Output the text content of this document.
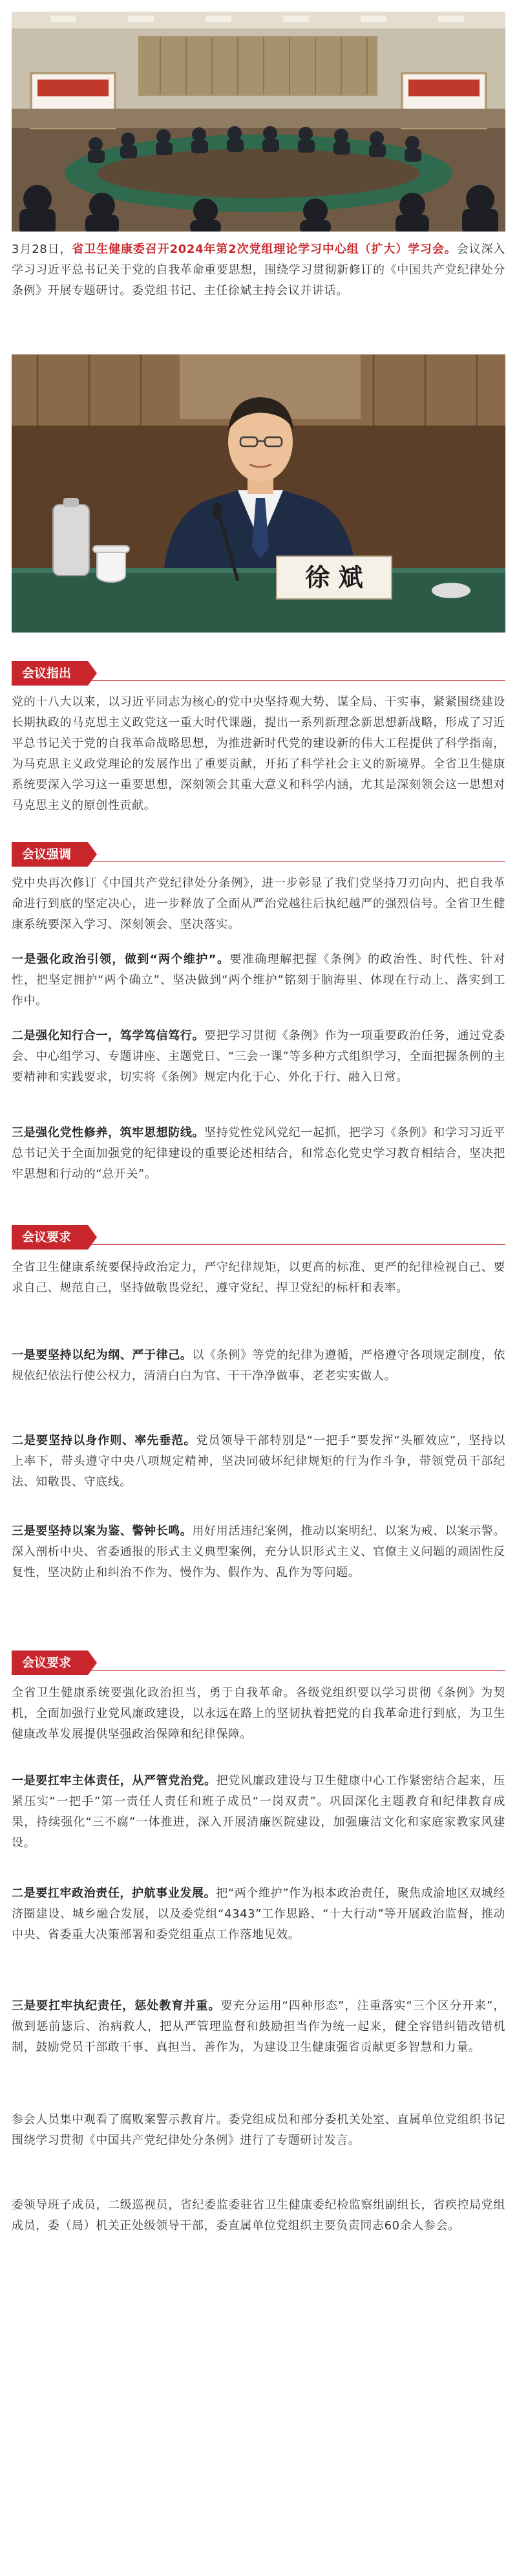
3月28日，省卫生健康委召开2024年第2次党组理论学习中心组（扩大）学习会。会议深入学习习近平总书记关于党的自我革命重要思想，围绕学习贯彻新修订的《中国共产党纪律处分条例》开展专题研讨。委党组书记、主任徐斌主持会议并讲话。

徐 斌
会议指出

党的十八大以来，以习近平同志为核心的党中央坚持观大势、谋全局、干实事，紧紧围绕建设长期执政的马克思主义政党这一重大时代课题，提出一系列新理念新思想新战略，形成了习近平总书记关于党的自我革命战略思想，为推进新时代党的建设新的伟大工程提供了科学指南，为马克思主义政党理论的发展作出了重要贡献，开拓了科学社会主义的新境界。全省卫生健康系统要深入学习这一重要思想，深刻领会其重大意义和科学内涵，尤其是深刻领会这一思想对马克思主义的原创性贡献。

会议强调

党中央再次修订《中国共产党纪律处分条例》，进一步彰显了我们党坚持刀刃向内、把自我革命进行到底的坚定决心，进一步释放了全面从严治党越往后执纪越严的强烈信号。全省卫生健康系统要深入学习、深刻领会、坚决落实。

一是强化政治引领，做到“两个维护”。要准确理解把握《条例》的政治性、时代性、针对性，把坚定拥护“两个确立”、坚决做到“两个维护”铭刻于脑海里、体现在行动上、落实到工作中。

二是强化知行合一，笃学笃信笃行。要把学习贯彻《条例》作为一项重要政治任务，通过党委会、中心组学习、专题讲座、主题党日、“三会一课”等多种方式组织学习，全面把握条例的主要精神和实践要求，切实将《条例》规定内化于心、外化于行、融入日常。

三是强化党性修养，筑牢思想防线。坚持党性党风党纪一起抓，把学习《条例》和学习习近平总书记关于全面加强党的纪律建设的重要论述相结合，和常态化党史学习教育相结合，坚决把牢思想和行动的“总开关”。

会议要求

全省卫生健康系统要保持政治定力，严守纪律规矩，以更高的标准、更严的纪律检视自己、要求自己、规范自己，坚持做敬畏党纪、遵守党纪、捍卫党纪的标杆和表率。

一是要坚持以纪为纲、严于律己。以《条例》等党的纪律为遵循，严格遵守各项规定制度，依规依纪依法行使公权力，清清白白为官、干干净净做事、老老实实做人。

二是要坚持以身作则、率先垂范。党员领导干部特别是“一把手”要发挥“头雁效应”，坚持以上率下，带头遵守中央八项规定精神，坚决同破坏纪律规矩的行为作斗争，带领党员干部纪法、知敬畏、守底线。

三是要坚持以案为鉴、警钟长鸣。用好用活违纪案例，推动以案明纪、以案为戒、以案示警。深入剖析中央、省委通报的形式主义典型案例，充分认识形式主义、官僚主义问题的顽固性反复性，坚决防止和纠治不作为、慢作为、假作为、乱作为等问题。

会议要求

全省卫生健康系统要强化政治担当，勇于自我革命。各级党组织要以学习贯彻《条例》为契机，全面加强行业党风廉政建设，以永远在路上的坚韧执着把党的自我革命进行到底，为卫生健康改革发展提供坚强政治保障和纪律保障。

一是要扛牢主体责任，从严管党治党。把党风廉政建设与卫生健康中心工作紧密结合起来，压紧压实“一把手”第一责任人责任和班子成员“一岗双责”。巩固深化主题教育和纪律教育成果，持续强化“三不腐”一体推进，深入开展清廉医院建设，加强廉洁文化和家庭家教家风建设。

二是要扛牢政治责任，护航事业发展。把“两个维护”作为根本政治责任，聚焦成渝地区双城经济圈建设、城乡融合发展，以及委党组“4343”工作思路、“十大行动”等开展政治监督，推动中央、省委重大决策部署和委党组重点工作落地见效。

三是要扛牢执纪责任，惩处教育并重。要充分运用“四种形态”，注重落实“三个区分开来”，做到惩前毖后、治病救人，把从严管理监督和鼓励担当作为统一起来，健全容错纠错改错机制，鼓励党员干部敢干事、真担当、善作为，为建设卫生健康强省贡献更多智慧和力量。

参会人员集中观看了腐败案警示教育片。委党组成员和部分委机关处室、直属单位党组织书记围绕学习贯彻《中国共产党纪律处分条例》进行了专题研讨发言。

委领导班子成员，二级巡视员，省纪委监委驻省卫生健康委纪检监察组副组长，省疾控局党组成员，委（局）机关正处级领导干部，委直属单位党组织主要负责同志60余人参会。
